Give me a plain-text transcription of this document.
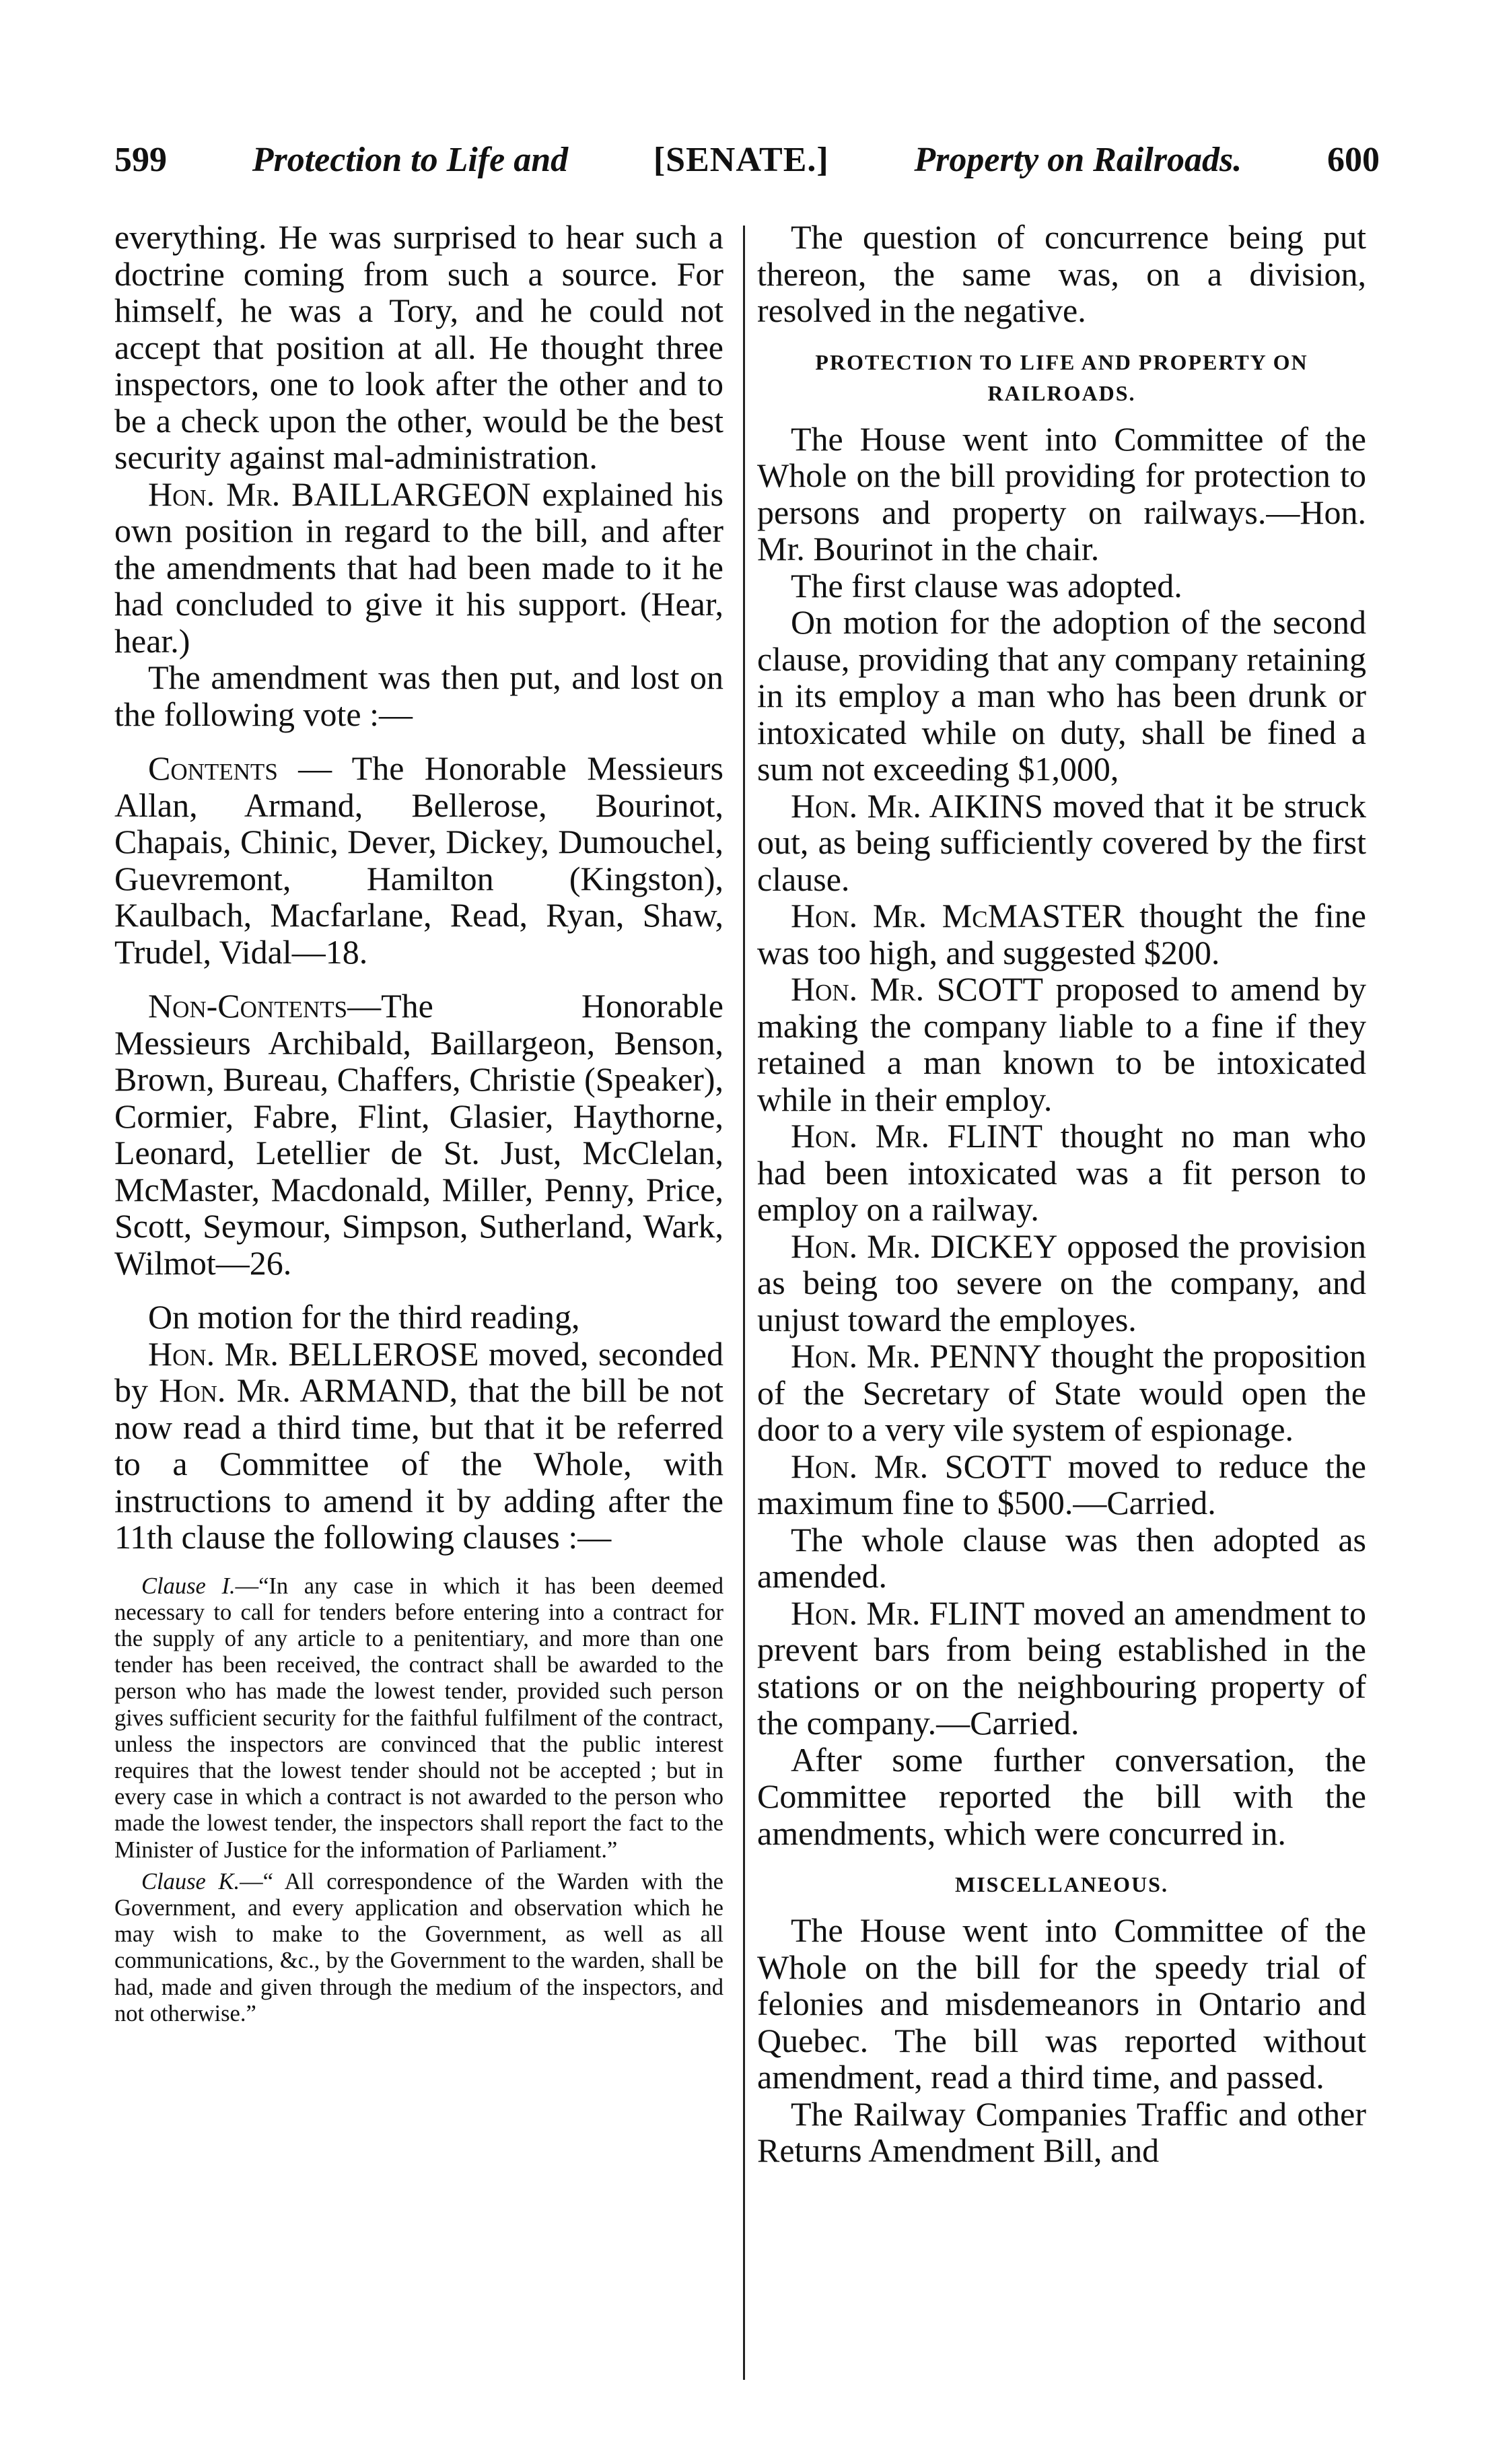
599 Protection to Life and [SENATE.] Property on Railroads. 600

everything. He was surprised to hear such a doctrine coming from such a source. For himself, he was a Tory, and he could not accept that position at all. He thought three inspectors, one to look after the other and to be a check upon the other, would be the best security against mal-administration.

Hon. Mr. BAILLARGEON explained his own position in regard to the bill, and after the amendments that had been made to it he had concluded to give it his support. (Hear, hear.)

The amendment was then put, and lost on the following vote :—

Contents — The Honorable Messieurs Allan, Armand, Bellerose, Bourinot, Chapais, Chinic, Dever, Dickey, Dumouchel, Guevremont, Hamilton (Kingston), Kaulbach, Macfarlane, Read, Ryan, Shaw, Trudel, Vidal—18.

Non-Contents—The Honorable Messieurs Archibald, Baillargeon, Benson, Brown, Bureau, Chaffers, Christie (Speaker), Cormier, Fabre, Flint, Glasier, Haythorne, Leonard, Letellier de St. Just, McClelan, McMaster, Macdonald, Miller, Penny, Price, Scott, Seymour, Simpson, Sutherland, Wark, Wilmot—26.

On motion for the third reading,

Hon. Mr. BELLEROSE moved, seconded by Hon. Mr. ARMAND, that the bill be not now read a third time, but that it be referred to a Committee of the Whole, with instructions to amend it by adding after the 11th clause the following clauses :—

Clause I.—“In any case in which it has been deemed necessary to call for tenders before entering into a contract for the supply of any article to a penitentiary, and more than one tender has been received, the contract shall be awarded to the person who has made the lowest tender, provided such person gives sufficient security for the faithful fulfilment of the contract, unless the inspectors are convinced that the public interest requires that the lowest tender should not be accepted ; but in every case in which a contract is not awarded to the person who made the lowest tender, the inspectors shall report the fact to the Minister of Justice for the information of Parliament.”

Clause K.—“ All correspondence of the Warden with the Government, and every application and observation which he may wish to make to the Government, as well as all communications, &c., by the Government to the warden, shall be had, made and given through the medium of the inspectors, and not otherwise.”

The question of concurrence being put thereon, the same was, on a division, resolved in the negative.

PROTECTION TO LIFE AND PROPERTY ON RAILROADS.

The House went into Committee of the Whole on the bill providing for protection to persons and property on railways.—Hon. Mr. Bourinot in the chair.

The first clause was adopted.

On motion for the adoption of the second clause, providing that any company retaining in its employ a man who has been drunk or intoxicated while on duty, shall be fined a sum not exceeding $1,000,

Hon. Mr. AIKINS moved that it be struck out, as being sufficiently covered by the first clause.

Hon. Mr. McMASTER thought the fine was too high, and suggested $200.

Hon. Mr. SCOTT proposed to amend by making the company liable to a fine if they retained a man known to be intoxicated while in their employ.

Hon. Mr. FLINT thought no man who had been intoxicated was a fit person to employ on a railway.

Hon. Mr. DICKEY opposed the provision as being too severe on the company, and unjust toward the employes.

Hon. Mr. PENNY thought the proposition of the Secretary of State would open the door to a very vile system of espionage.

Hon. Mr. SCOTT moved to reduce the maximum fine to $500.—Carried.

The whole clause was then adopted as amended.

Hon. Mr. FLINT moved an amendment to prevent bars from being established in the stations or on the neighbouring property of the company.—Carried.

After some further conversation, the Committee reported the bill with the amendments, which were concurred in.

MISCELLANEOUS.

The House went into Committee of the Whole on the bill for the speedy trial of felonies and misdemeanors in Ontario and Quebec. The bill was reported without amendment, read a third time, and passed.

The Railway Companies Traffic and other Returns Amendment Bill, and
